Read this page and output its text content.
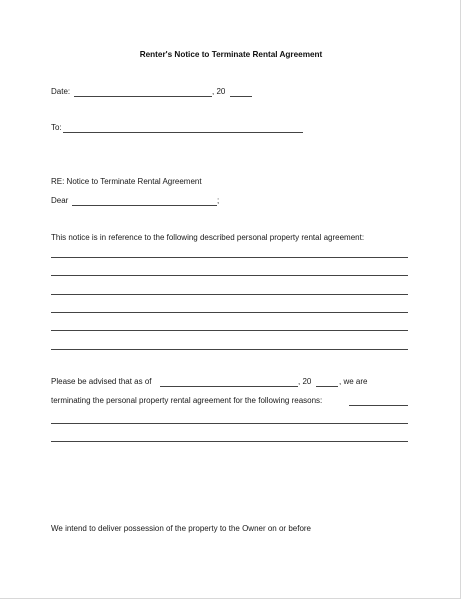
Renter's Notice to Terminate Rental Agreement
Date:	, 20
To:
RE: Notice to Terminate Rental Agreement
Dear	;
This notice is in reference to the following described personal property rental agreement:
Please be advised that as of	, 20	, we are
terminating the personal property rental agreement for the following reasons:
We intend to deliver possession of the property to the Owner on or before
